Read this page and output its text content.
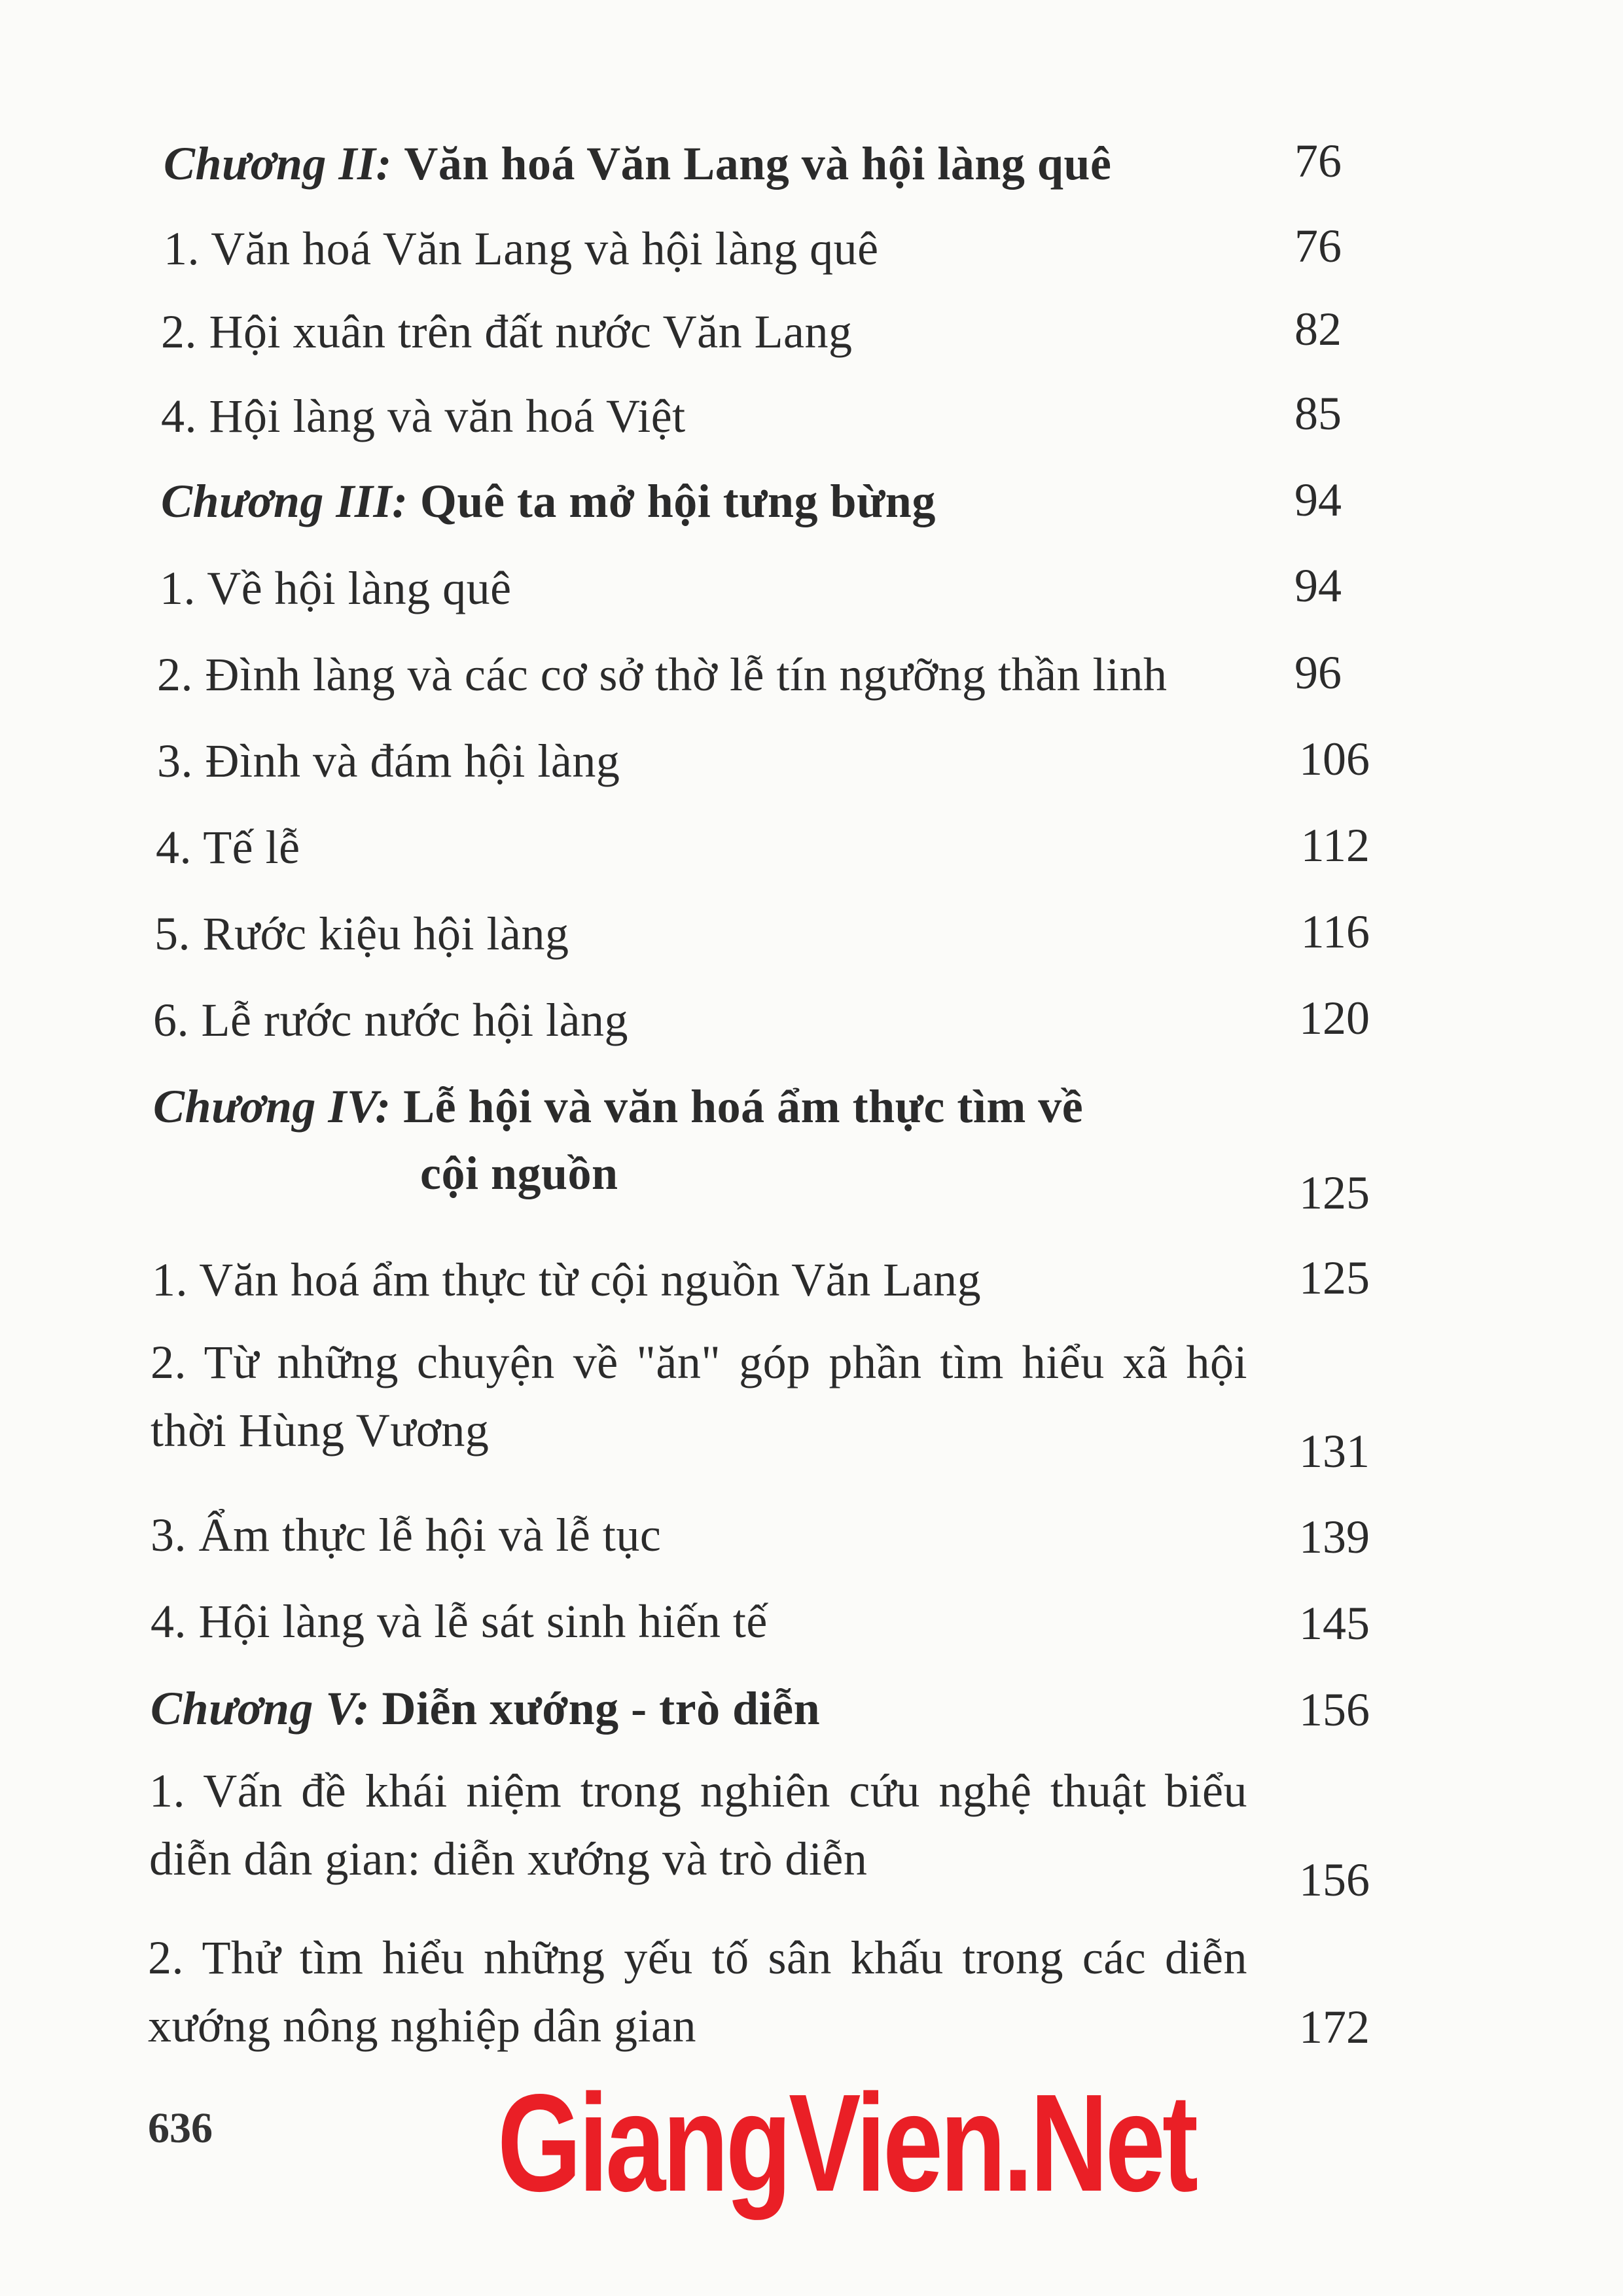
Chương II: Văn hoá Văn Lang và hội làng quê	76
1. Văn hoá Văn Lang và hội làng quê	76
2. Hội xuân trên đất nước Văn Lang	82
4. Hội làng và văn hoá Việt	85
Chương III: Quê ta mở hội tưng bừng	94
1. Về hội làng quê	94
2. Đình làng và các cơ sở thờ lễ tín ngưỡng thần linh	96
3. Đình và đám hội làng	106
4. Tế lễ	112
5. Rước kiệu hội làng	116
6. Lễ rước nước hội làng	120
Chương IV: Lễ hội và văn hoá ẩm thực tìm về
cội nguồn	125
1. Văn hoá ẩm thực từ cội nguồn Văn Lang	125
2. Từ những chuyện về "ăn" góp phần tìm hiểu xã hội thời Hùng Vương	131
3. Ẩm thực lễ hội và lễ tục	139
4. Hội làng và lễ sát sinh hiến tế	145
Chương V: Diễn xướng - trò diễn	156
1. Vấn đề khái niệm trong nghiên cứu nghệ thuật biểu diễn dân gian: diễn xướng và trò diễn	156
2. Thử tìm hiểu những yếu tố sân khấu trong các diễn xướng nông nghiệp dân gian	172
636 GiangVien.Net
